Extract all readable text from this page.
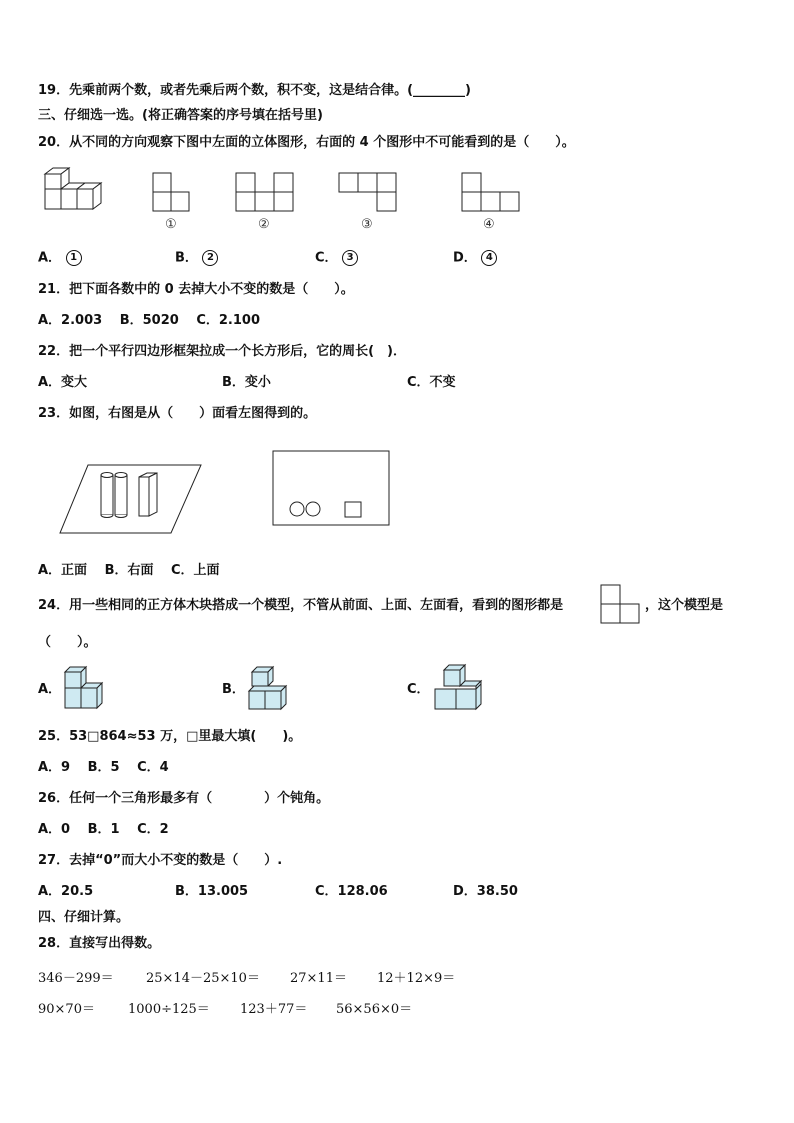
19．先乘前两个数，或者先乘后两个数，积不变，这是结合律。(________)
三、仔细选一选。(将正确答案的序号填在括号里)
20．从不同的方向观察下图中左面的立体图形，右面的 4 个图形中不可能看到的是（　　）。
①	②	③	④
A． 1	B． 2	C． 3	D． 4
21．把下面各数中的 0 去掉大小不变的数是（　　）。
A．2.003　 B．5020　 C．2.100
22．把一个平行四边形框架拉成一个长方形后，它的周长(　)．
A．变大	B．变小	C．不变
23．如图，右图是从（　　）面看左图得到的。
A．正面　 B．右面　 C．上面
24．用一些相同的正方体木块搭成一个模型，不管从前面、上面、左面看，看到的图形都是	，这个模型是
（　　）。
A．	B．	C．
25．53□864≈53 万，□里最大填(　　)。
A．9　 B．5　 C．4
26．任何一个三角形最多有（　　　　）个钝角。
A．0　 B．1　 C．2
27．去掉“0”而大小不变的数是（　　）.
A．20.5	B．13.005	C．128.06	D．38.50
四、仔细计算。
28．直接写出得数。
346－299＝ 25×14－25×10＝ 27×11＝ 12＋12×9＝
90×70＝	1000÷125＝ 123＋77＝ 56×56×0＝
